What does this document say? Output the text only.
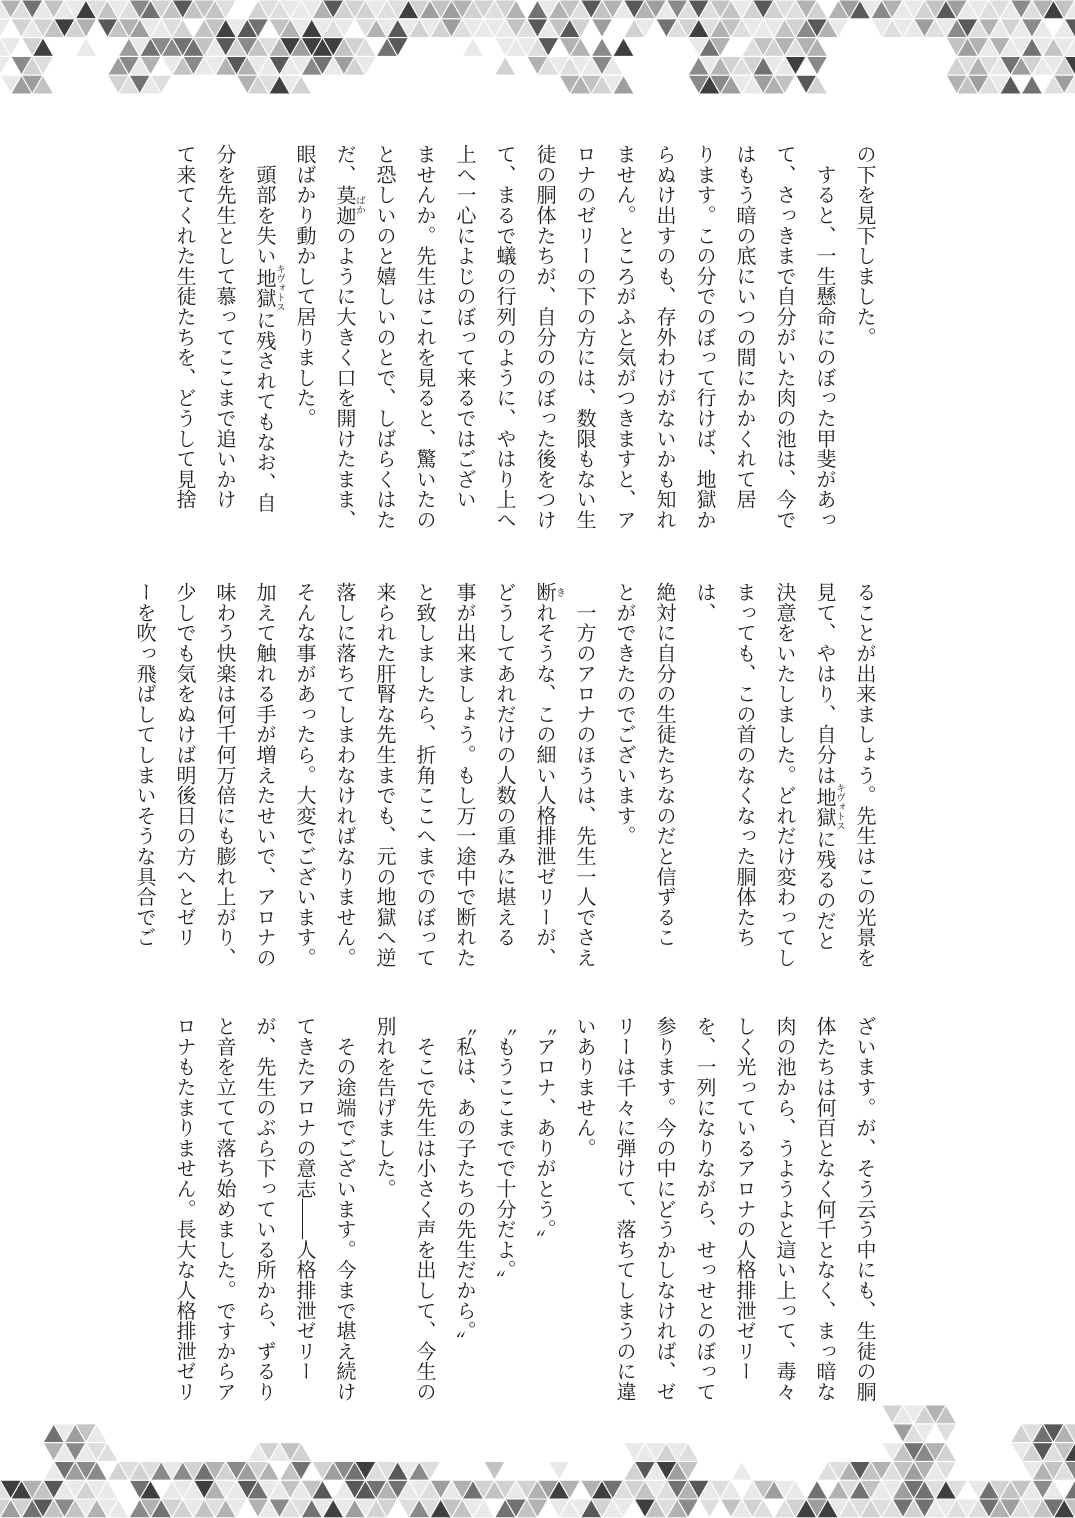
の下を見下しました。
　すると、一生懸命にのぼった甲斐があっ
て、さっきまで自分がいた肉の池は、今で
はもう暗の底にいつの間にかかくれて居
ります。この分でのぼって行けば、地獄か
らぬけ出すのも、存外わけがないかも知れ
ません。ところがふと気がつきますと、ア
ロナのゼリーの下の方には、数限もない生
徒の胴体たちが、自分ののぼった後をつけ
て、まるで蟻の行列のように、やはり上へ
上へ一心によじのぼって来るではござい
ませんか。先生はこれを見ると、驚いたの
と恐しいのと嬉しいのとで、しばらくはた
だ、莫迦 ばかのように大きく口を開けたまま、
眼ばかり動かして居りました。
　頭部を失い地獄 キヴォトスに残されてもなお、自
分を先生として慕ってここまで追いかけ
て来てくれた生徒たちを、どうして見捨
ることが出来ましょう。先生はこの光景を
見て、やはり、自分は地獄 キヴォトスに残るのだと
決意をいたしました。どれだけ変わってし
まっても、この首のなくなった胴体たちは、
絶対に自分の生徒たちなのだと信ずるこ
とができたのでございます。
　一方のアロナのほうは、先生一人でさえ
断 きれそうな、この細い人格排泄ゼリーが、
どうしてあれだけの人数の重みに堪える
事が出来ましょう。もし万一途中で断れた
と致しましたら、折角ここへまでのぼって
来られた肝腎な先生までも、元の地獄へ逆
落しに落ちてしまわなければなりません。
そんな事があったら。大変でございます。
加えて触れる手が増えたせいで、アロナの
味わう快楽は何千何万倍にも膨れ上がり、
少しでも気をぬけば明後日の方へとゼリ
ーを吹っ飛ばしてしまいそうな具合でご
ざいます。が、そう云う中にも、生徒の胴
体たちは何百となく何千となく、まっ暗な
肉の池から、うようよと這い上って、毒々
しく光っているアロナの人格排泄ゼリー
を、一列になりながら、せっせとのぼって
参ります。今の中にどうかしなければ、ゼ
リーは千々に弾けて、落ちてしまうのに違
いありません。
〝アロナ、ありがとう。〟
〝もうここまでで十分だよ。〟
〝私は、あの子たちの先生だから。〟
　そこで先生は小さく声を出して、今生の
別れを告げました。
　その途端でございます。今まで堪え続け
てきたアロナの意志――人格排泄ゼリー
が、先生のぶら下っている所から、ずるり
と音を立てて落ち始めました。ですからア
ロナもたまりません。長大な人格排泄ゼリ
